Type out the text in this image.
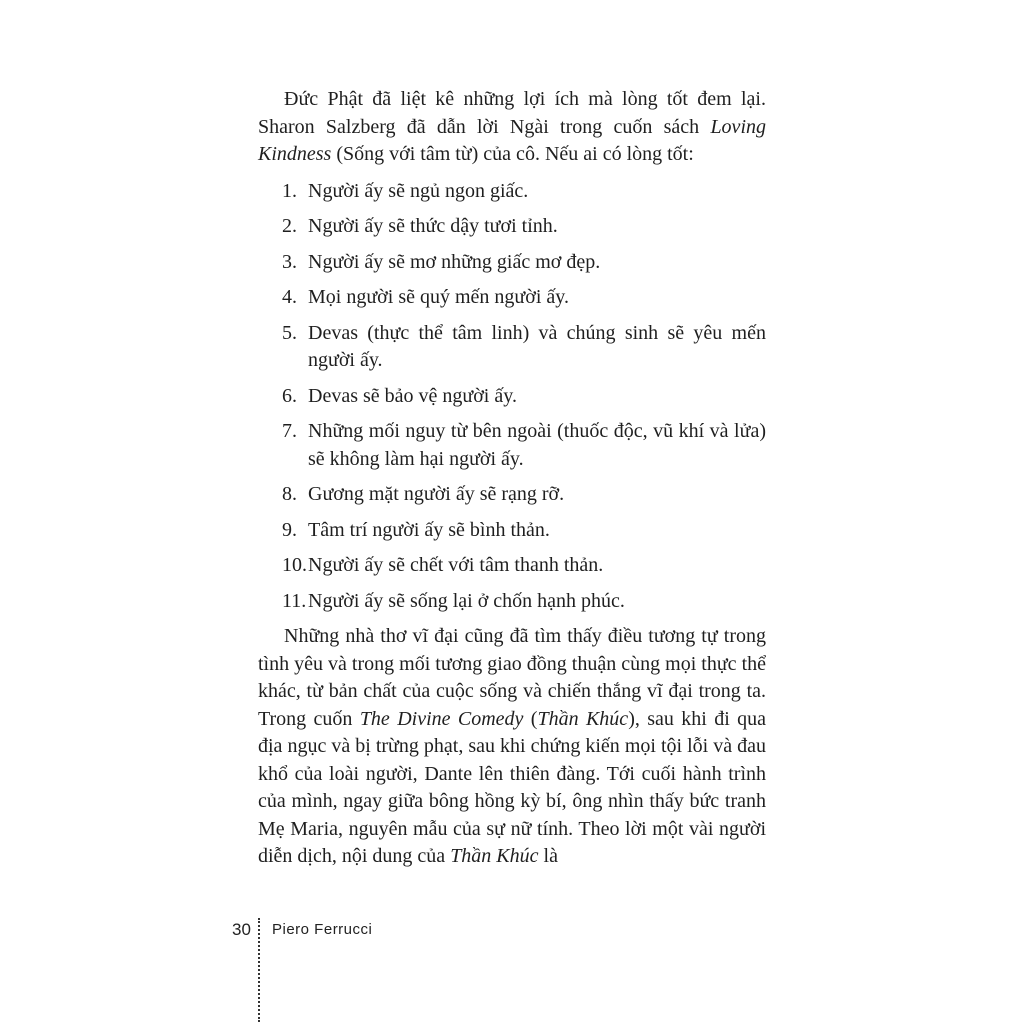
Đức Phật đã liệt kê những lợi ích mà lòng tốt đem lại. Sharon Salzberg đã dẫn lời Ngài trong cuốn sách Loving Kindness (Sống với tâm từ) của cô. Nếu ai có lòng tốt:

1. Người ấy sẽ ngủ ngon giấc.
2. Người ấy sẽ thức dậy tươi tỉnh.
3. Người ấy sẽ mơ những giấc mơ đẹp.
4. Mọi người sẽ quý mến người ấy.
5. Devas (thực thể tâm linh) và chúng sinh sẽ yêu mến người ấy.
6. Devas sẽ bảo vệ người ấy.
7. Những mối nguy từ bên ngoài (thuốc độc, vũ khí và lửa) sẽ không làm hại người ấy.
8. Gương mặt người ấy sẽ rạng rỡ.
9. Tâm trí người ấy sẽ bình thản.
10. Người ấy sẽ chết với tâm thanh thản.
11. Người ấy sẽ sống lại ở chốn hạnh phúc.

Những nhà thơ vĩ đại cũng đã tìm thấy điều tương tự trong tình yêu và trong mối tương giao đồng thuận cùng mọi thực thể khác, từ bản chất của cuộc sống và chiến thắng vĩ đại trong ta. Trong cuốn The Divine Comedy (Thần Khúc), sau khi đi qua địa ngục và bị trừng phạt, sau khi chứng kiến mọi tội lỗi và đau khổ của loài người, Dante lên thiên đàng. Tới cuối hành trình của mình, ngay giữa bông hồng kỳ bí, ông nhìn thấy bức tranh Mẹ Maria, nguyên mẫu của sự nữ tính. Theo lời một vài người diễn dịch, nội dung của Thần Khúc là

30 Piero Ferrucci
